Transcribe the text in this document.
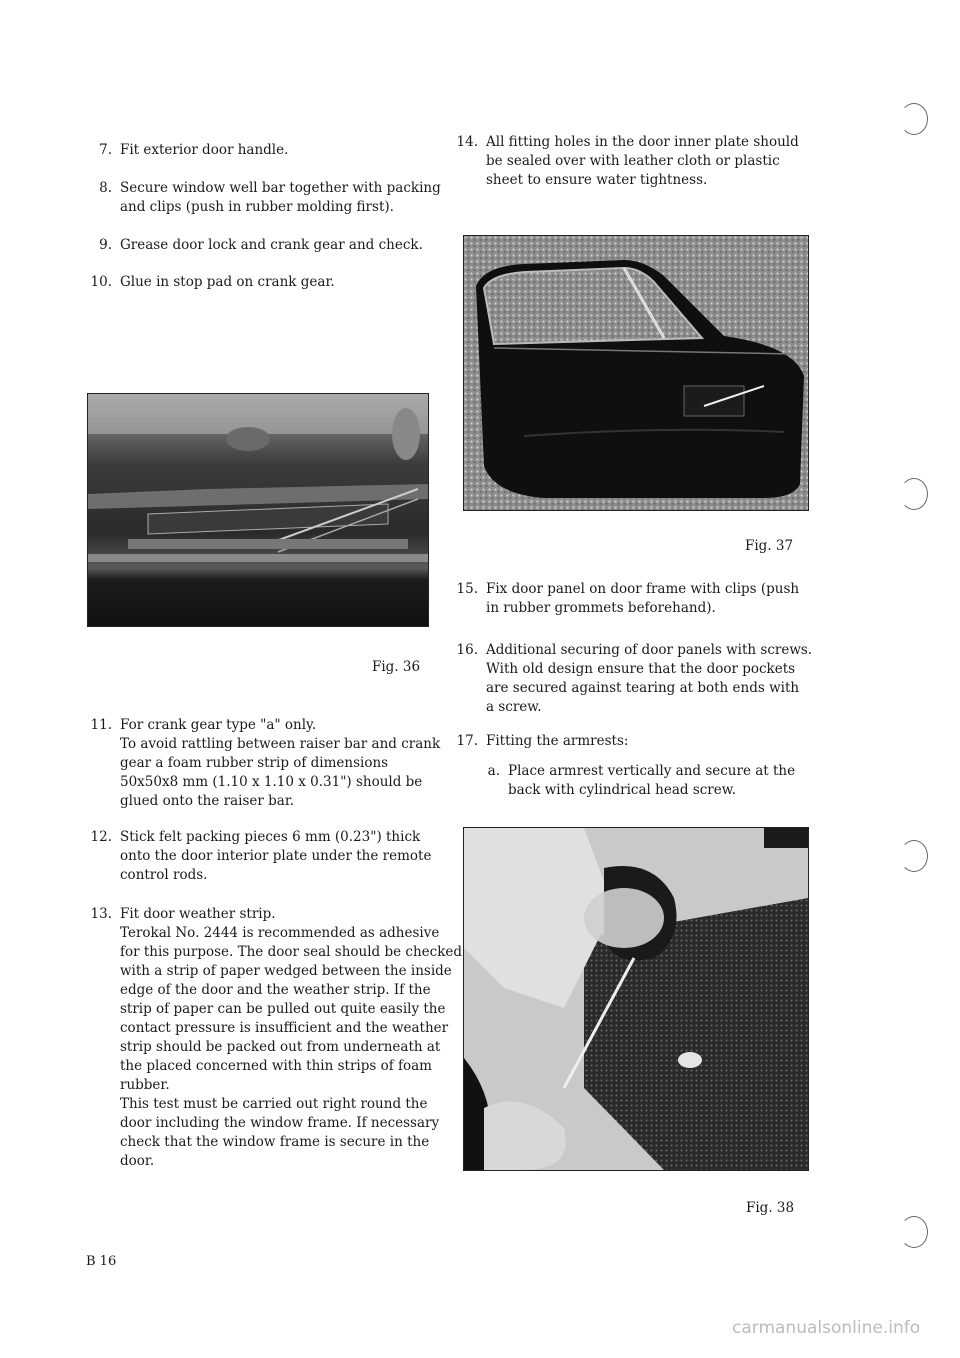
7. Fit exterior door handle.

8. Secure window well bar together with packing

and clips (push in rubber molding first).

9. Grease door lock and crank gear and check.

10. Glue in stop pad on crank gear.

Fig. 36
11. For crank gear type "a" only.

To avoid rattling between raiser bar and crank

gear a foam rubber strip of dimensions

50x50x8 mm (1.10 x 1.10 x 0.31") should be

glued onto the raiser bar.

12. Stick felt packing pieces 6 mm (0.23") thick

onto the door interior plate under the remote

control rods.

13. Fit door weather strip.

Terokal No. 2444 is recommended as adhesive

for this purpose. The door seal should be checked

with a strip of paper wedged between the inside

edge of the door and the weather strip. If the

strip of paper can be pulled out quite easily the

contact pressure is insufficient and the weather

strip should be packed out from underneath at

the placed concerned with thin strips of foam

rubber.

This test must be carried out right round the

door including the window frame. If necessary

check that the window frame is secure in the

door.

14. All fitting holes in the door inner plate should

be sealed over with leather cloth or plastic

sheet to ensure water tightness.

Fig. 37
15. Fix door panel on door frame with clips (push

in rubber grommets beforehand).

16. Additional securing of door panels with screws.

With old design ensure that the door pockets

are secured against tearing at both ends with

a screw.

17. Fitting the armrests:

a. Place armrest vertically and secure at the

back with cylindrical head screw.

Fig. 38
B 16
carmanualsonline.info
